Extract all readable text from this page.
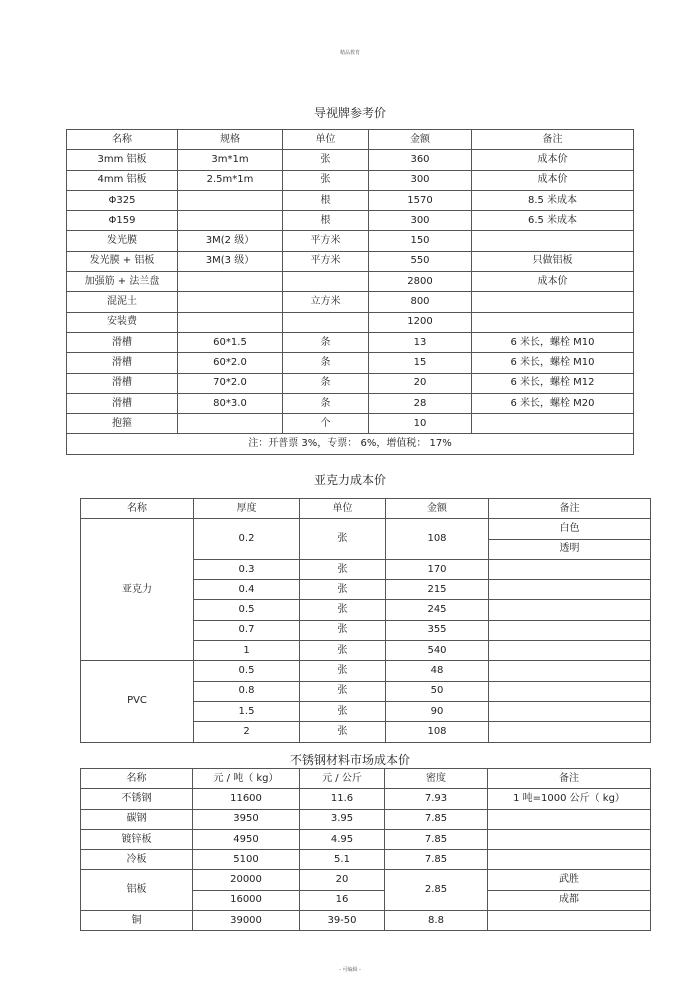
精品教育
导视牌参考价
名称	规格	单位	金额	备注
3mm 铝板	3m*1m	张	360	成本价
4mm 铝板	2.5m*1m	张	300	成本价
Φ325		根	1570	8.5 米成本
Φ159		根	300	6.5 米成本
发光膜	3M(2 级）	平方米	150	
发光膜 + 铝板	3M(3 级）	平方米	550	只做铝板
加强筋 + 法兰盘			2800	成本价
混泥土		立方米	800	
安装费			1200	
滑槽	60*1.5	条	13	6 米长，螺栓 M10
滑槽	60*2.0	条	15	6 米长，螺栓 M10
滑槽	70*2.0	条	20	6 米长，螺栓 M12
滑槽	80*3.0	条	28	6 米长，螺栓 M20
抱箍		个	10	
注：开普票 3%，专票： 6%，增值税： 17%				
亚克力成本价
名称	厚度	单位	金额	备注
亚克力	0.2	张	108	白色
				透明
	0.3	张	170	
	0.4	张	215	
	0.5	张	245	
	0.7	张	355	
	1	张	540	
PVC	0.5	张	48	
	0.8	张	50	
	1.5	张	90	
	2	张	108	
不锈钢材料市场成本价
名称	元 / 吨（ kg）	元 / 公斤	密度	备注
不锈钢	11600	11.6	7.93	1 吨=1000 公斤（ kg）
碳钢	3950	3.95	7.85	
镀锌板	4950	4.95	7.85	
冷板	5100	5.1	7.85	
铝板	20000	20	2.85	武胜
	16000	16		成都
铜	39000	39-50	8.8	
- 可编辑 -
